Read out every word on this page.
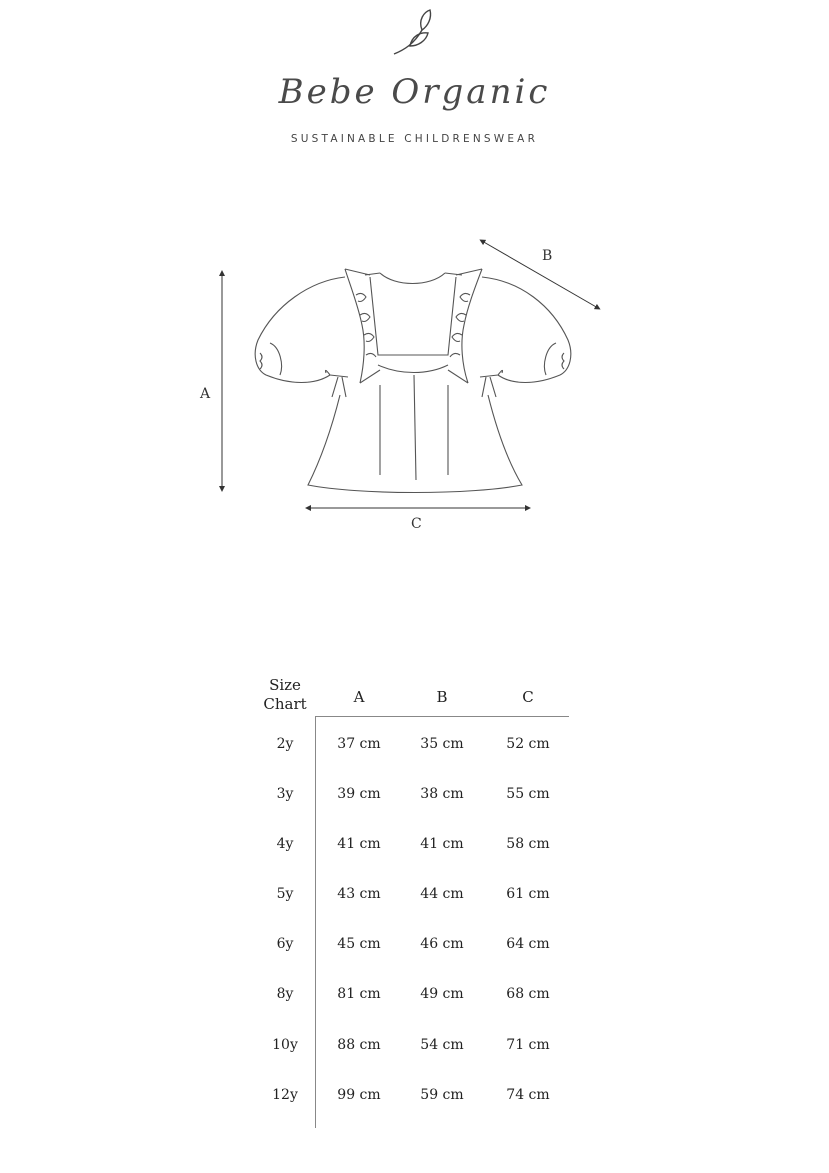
Bebe Organic
SUSTAINABLE CHILDRENSWEAR
A
B
C
Size
Chart	A	B	C
2y	37 cm	35 cm	52 cm
3y	39 cm	38 cm	55 cm
4y	41 cm	41 cm	58 cm
5y	43 cm	44 cm	61 cm
6y	45 cm	46 cm	64 cm
8y	81 cm	49 cm	68 cm
10y	88 cm	54 cm	71 cm
12y	99 cm	59 cm	74 cm
